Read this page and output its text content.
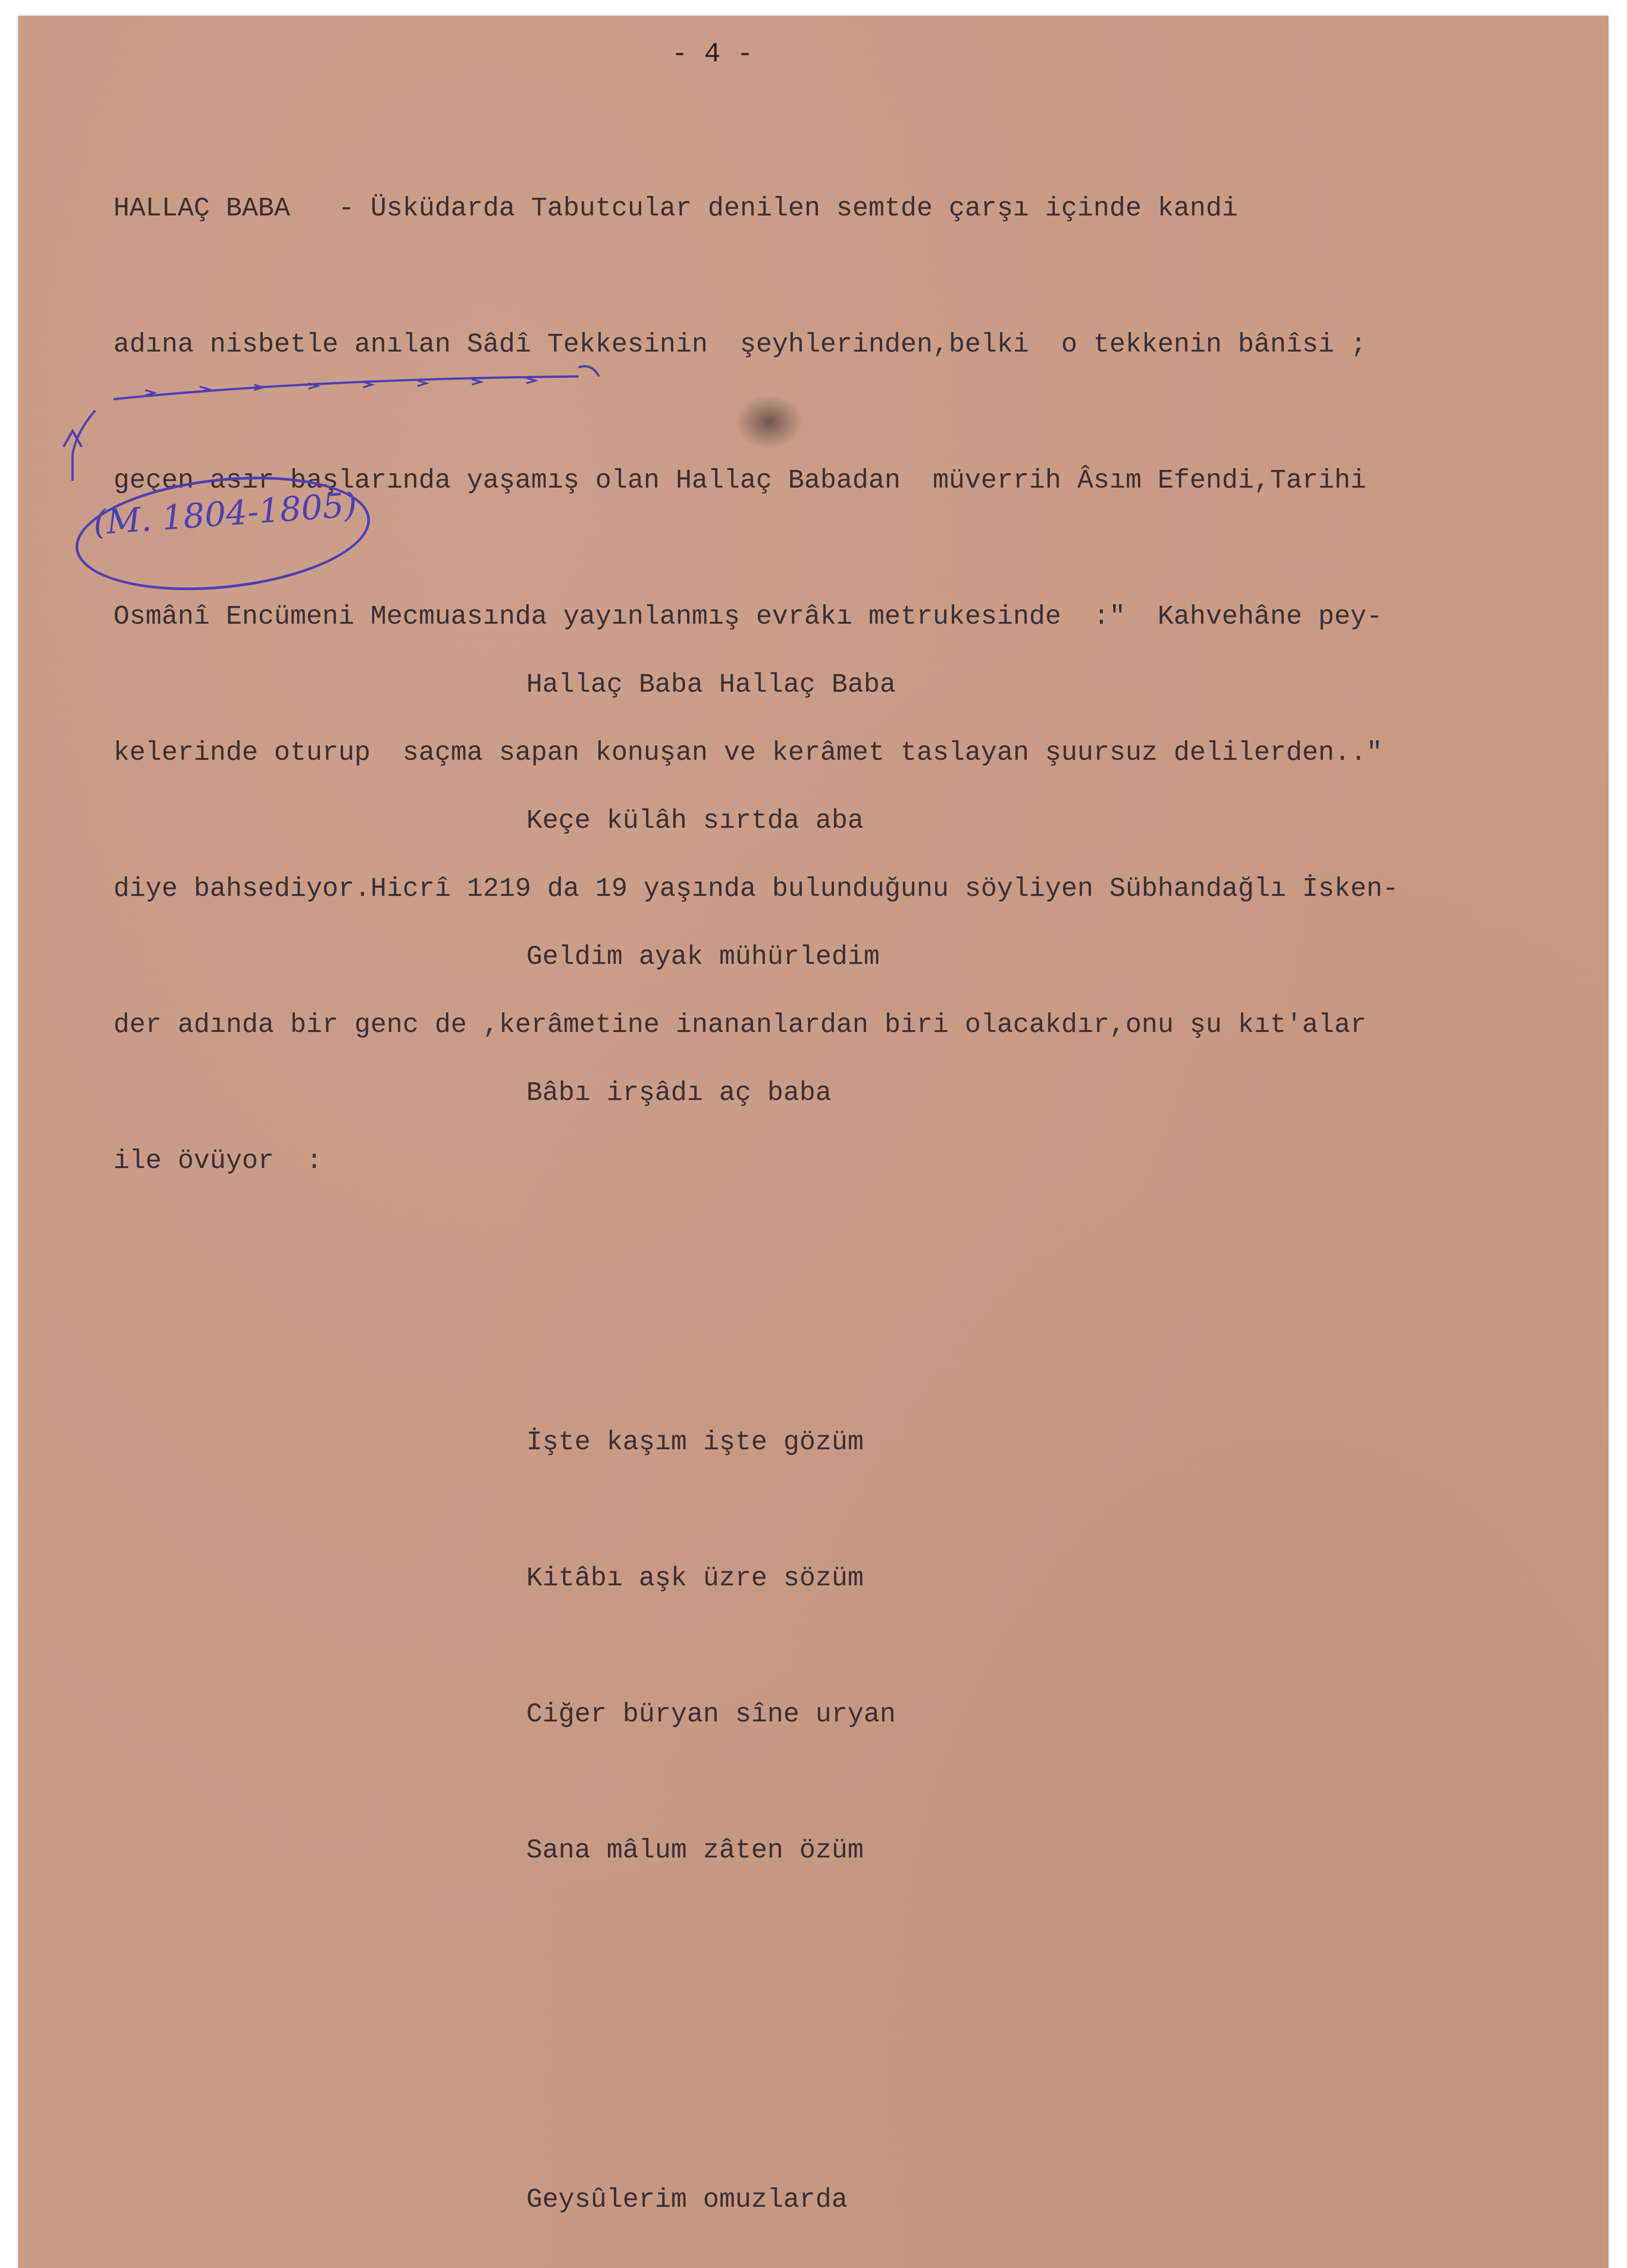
- 4 -

HALLAÇ BABA   - Üsküdarda Tabutcular denilen semtde çarşı içinde kandi

adına nisbetle anılan Sâdî Tekkesinin  şeyhlerinden,belki  o tekkenin bânîsi ;

geçen asır başlarında yaşamış olan Hallaç Babadan  müverrih Âsım Efendi,Tarihi

Osmânî Encümeni Mecmuasında yayınlanmış evrâkı metrukesinde  :"  Kahvehâne pey-

kelerinde oturup  saçma sapan konuşan ve kerâmet taslayan şuursuz delilerden.."

diye bahsediyor.Hicrî 1219 da 19 yaşında bulunduğunu söyliyen Sübhandağlı İsken-

der adında bir genc de ,kerâmetine inananlardan biri olacakdır,onu şu kıt'alar

ile övüyor  :

(M. 1804-1805)

Hallaç Baba Hallaç Baba

Keçe külâh sırtda aba

Geldim ayak mühürledim

Bâbı irşâdı aç baba

İşte kaşım işte gözüm

Kitâbı aşk üzre sözüm

Ciğer büryan sîne uryan

Sana mâlum zâten özüm

Geysûlerim omuzlarda
